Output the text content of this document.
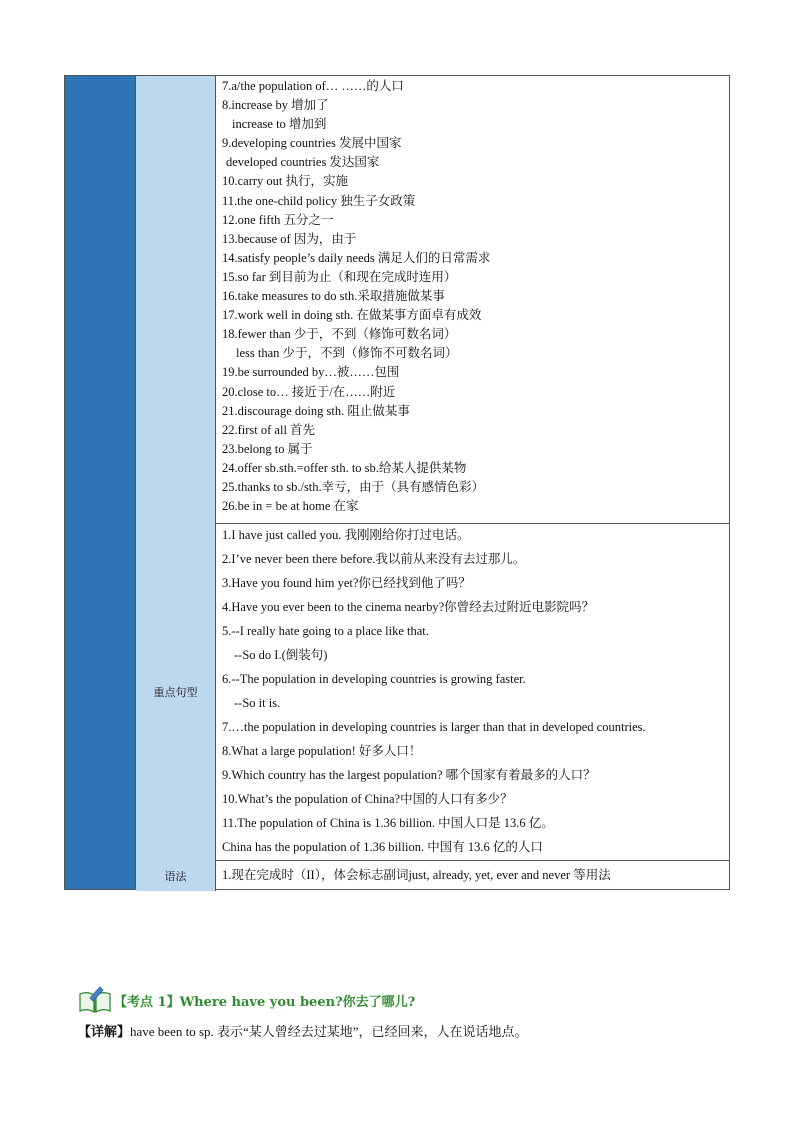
7.a/the population of… ……的人口
8.increase by 增加了
increase to 增加到
9.developing countries 发展中国家
developed countries 发达国家
10.carry out 执行，实施
11.the one-child policy 独生子女政策
12.one fifth 五分之一
13.because of 因为，由于
14.satisfy people’s daily needs 满足人们的日常需求
15.so far 到目前为止（和现在完成时连用）
16.take measures to do sth.采取措施做某事
17.work well in doing sth. 在做某事方面卓有成效
18.fewer than 少于，不到（修饰可数名词）
less than 少于，不到（修饰不可数名词）
19.be surrounded by…被……包围
20.close to… 接近于/在……附近
21.discourage doing sth. 阻止做某事
22.first of all 首先
23.belong to 属于
24.offer sb.sth.=offer sth. to sb.给某人提供某物
25.thanks to sb./sth.幸亏，由于（具有感情色彩）
26.be in = be at home 在家
重点句型
1.I have just called you. 我刚刚给你打过电话。
2.I’ve never been there before.我以前从来没有去过那儿。
3.Have you found him yet?你已经找到他了吗？
4.Have you ever been to the cinema nearby?你曾经去过附近电影院吗？
5.--I really hate going to a place like that.
--So do I.(倒装句)
6.--The population in developing countries is growing faster.
--So it is.
7.…the population in developing countries is larger than that in developed countries.
8.What a large population! 好多人口！
9.Which country has the largest population? 哪个国家有着最多的人口？
10.What’s the population of China?中国的人口有多少？
11.The population of China is 1.36 billion. 中国人口是 13.6 亿。
China has the population of 1.36 billion. 中国有 13.6 亿的人口
语法	1.现在完成时（II），体会标志副词just, already, yet, ever and never 等用法
【考点 1】Where have you been?你去了哪儿?
【详解】have been to sp. 表示“某人曾经去过某地”，已经回来，人在说话地点。
